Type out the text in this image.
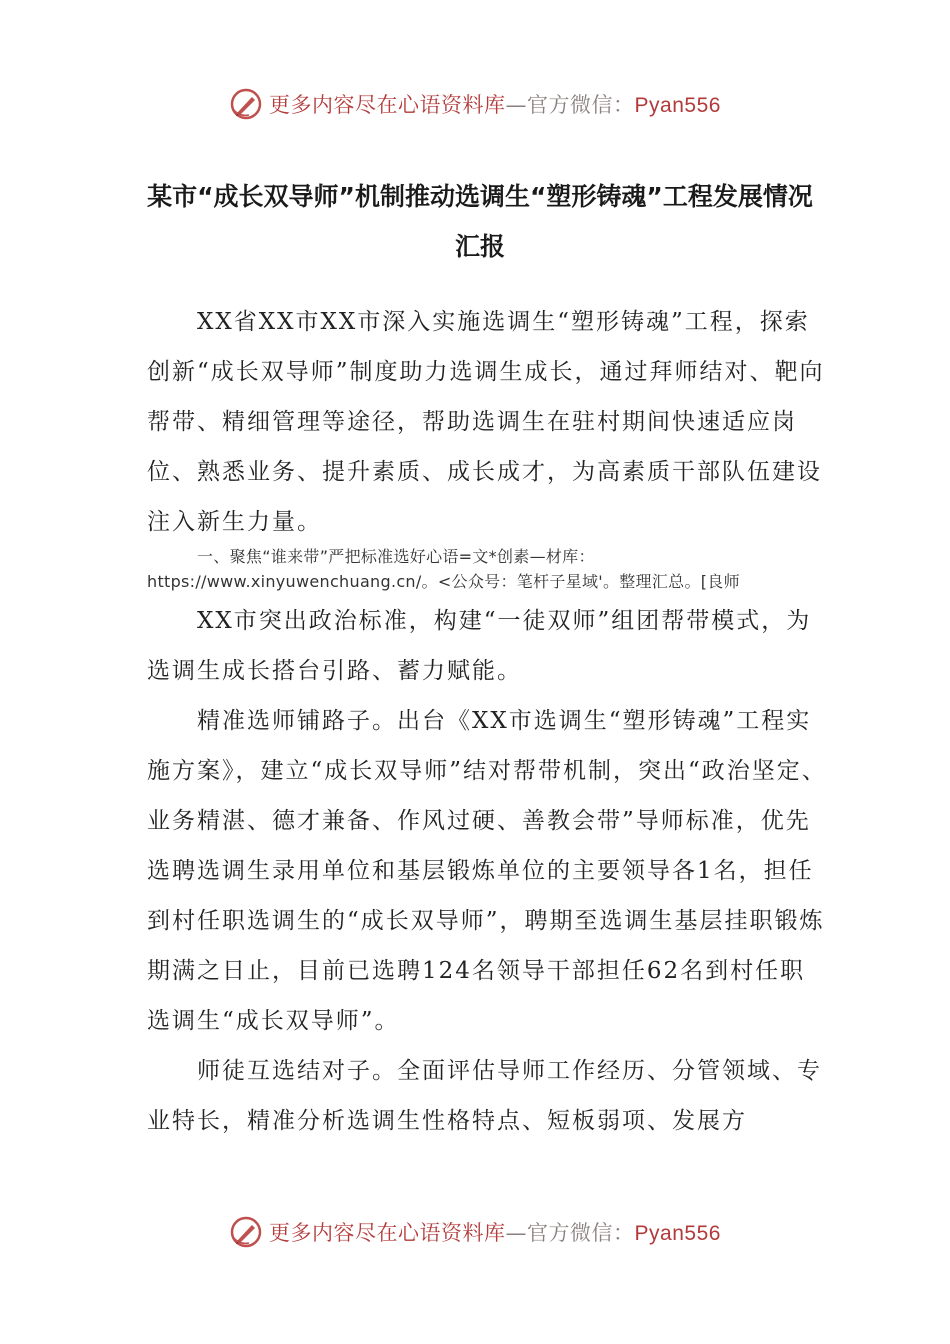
更多内容尽在心语资料库—官方微信：Pyan556
某市“成长双导师”机制推动选调生“塑形铸魂”工程发展情况汇报

XX省XX市XX市深入实施选调生“塑形铸魂”工程，探索创新“成长双导师”制度助力选调生成长，通过拜师结对、靶向帮带、精细管理等途径，帮助选调生在驻村期间快速适应岗位、熟悉业务、提升素质、成长成才，为高素质干部队伍建设注入新生力量。

一、聚焦“谁来带”严把标准选好心语=文*创素—材库：https://www.xinyuwenchuang.cn/。<公众号：笔杆子星域'。整理汇总。[良师

XX市突出政治标准，构建“一徒双师”组团帮带模式，为选调生成长搭台引路、蓄力赋能。

精准选师铺路子。出台《XX市选调生“塑形铸魂”工程实施方案》，建立“成长双导师”结对帮带机制，突出“政治坚定、业务精湛、德才兼备、作风过硬、善教会带”导师标准，优先选聘选调生录用单位和基层锻炼单位的主要领导各1名，担任到村任职选调生的“成长双导师”，聘期至选调生基层挂职锻炼期满之日止，目前已选聘124名领导干部担任62名到村任职选调生“成长双导师”。

师徒互选结对子。全面评估导师工作经历、分管领域、专业特长，精准分析选调生性格特点、短板弱项、发展方

更多内容尽在心语资料库—官方微信：Pyan556
